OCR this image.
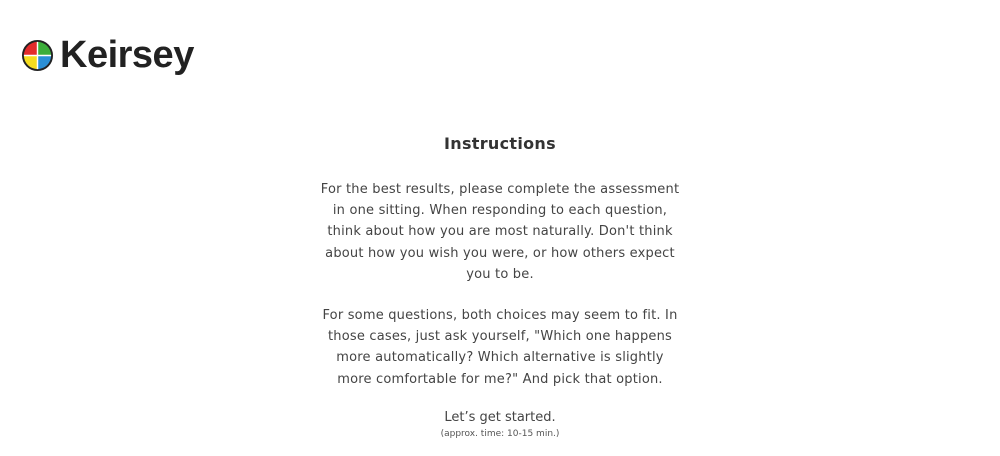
Keirsey
Instructions

For the best results, please complete the assessment in one sitting. When responding to each question, think about how you are most naturally. Don't think about how you wish you were, or how others expect you to be.

For some questions, both choices may seem to fit. In those cases, just ask yourself, "Which one happens more automatically? Which alternative is slightly more comfortable for me?" And pick that option.

Let’s get started.
(approx. time: 10-15 min.)
